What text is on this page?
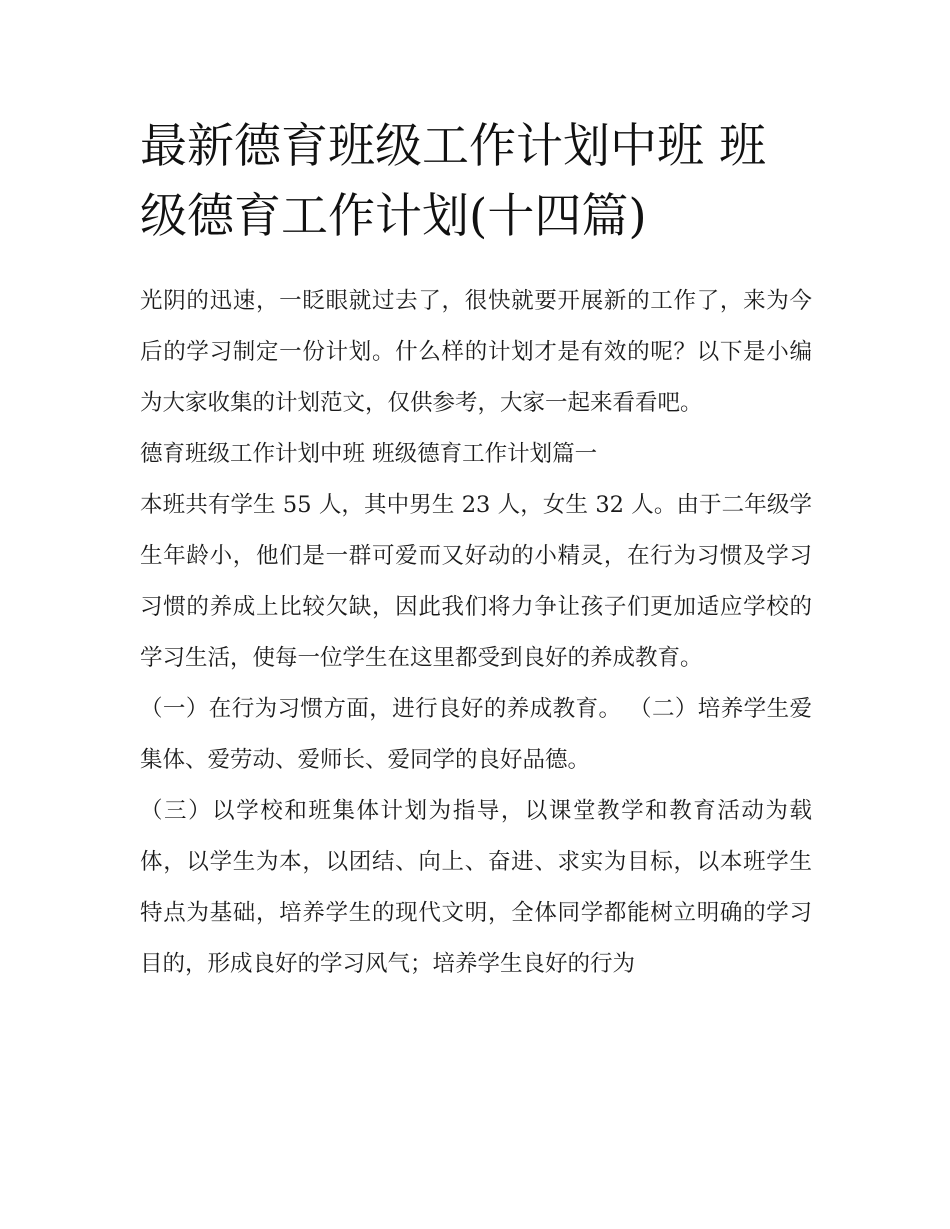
最新德育班级工作计划中班 班级德育工作计划(十四篇)

光阴的迅速，一眨眼就过去了，很快就要开展新的工作了，来为今后的学习制定一份计划。什么样的计划才是有效的呢？以下是小编为大家收集的计划范文，仅供参考，大家一起来看看吧。

德育班级工作计划中班 班级德育工作计划篇一

本班共有学生 55 人，其中男生 23 人，女生 32 人。由于二年级学生年龄小，他们是一群可爱而又好动的小精灵，在行为习惯及学习习惯的养成上比较欠缺，因此我们将力争让孩子们更加适应学校的学习生活，使每一位学生在这里都受到良好的养成教育。

（一）在行为习惯方面，进行良好的养成教育。 （二）培养学生爱集体、爱劳动、爱师长、爱同学的良好品德。

（三）以学校和班集体计划为指导，以课堂教学和教育活动为载体，以学生为本，以团结、向上、奋进、求实为目标，以本班学生特点为基础，培养学生的现代文明，全体同学都能树立明确的学习目的，形成良好的学习风气；培养学生良好的行为
